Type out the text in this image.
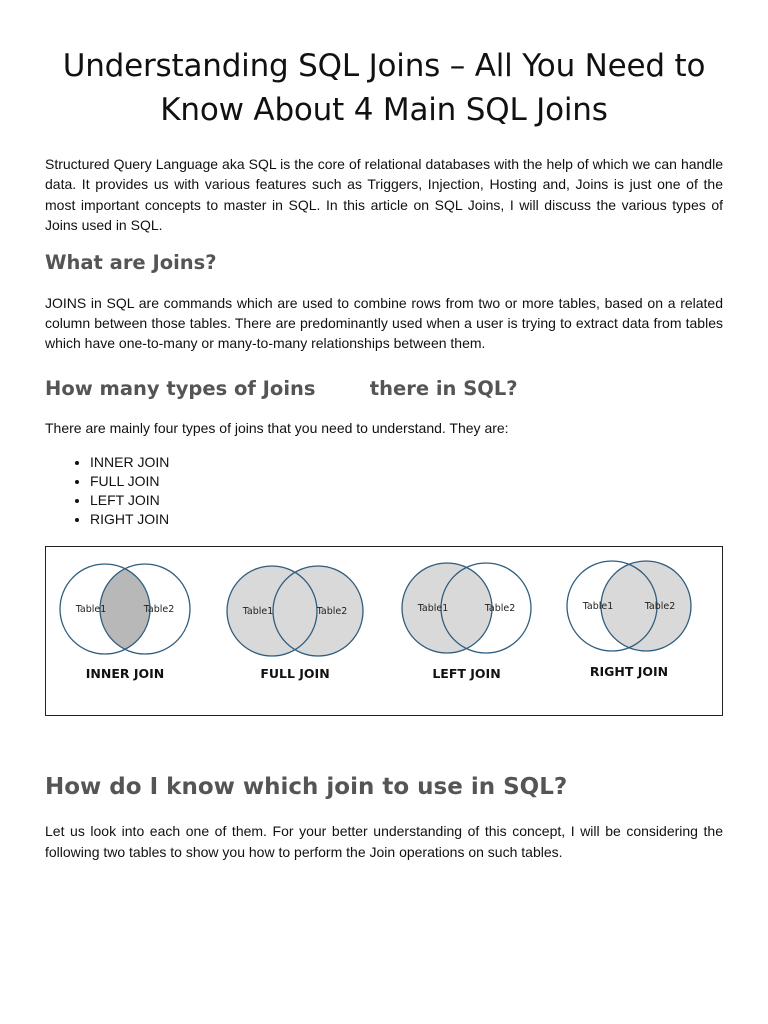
Understanding SQL Joins – All You Need to Know About 4 Main SQL Joins

Structured Query Language aka SQL is the core of relational databases with the help of which we can handle data. It provides us with various features such as Triggers, Injection, Hosting and, Joins is just one of the most important concepts to master in SQL. In this article on SQL Joins, I will discuss the various types of Joins used in SQL.

What are Joins?

JOINS in SQL are commands which are used to combine rows from two or more tables, based on a related column between those tables. There are predominantly used when a user is trying to extract data from tables which have one-to-many or many-to-many relationships between them.

How many types of Joins        there in SQL?

There are mainly four types of joins that you need to understand. They are:

• INNER JOIN
• FULL JOIN
• LEFT JOIN
• RIGHT JOIN
Table1	Table2
INNER JOIN
Table1	Table2
FULL JOIN
Table1	Table2
LEFT JOIN
Table1	Table2
RIGHT JOIN
How do I know which join to use in SQL?

Let us look into each one of them. For your better understanding of this concept, I will be considering the following two tables to show you how to perform the Join operations on such tables.
